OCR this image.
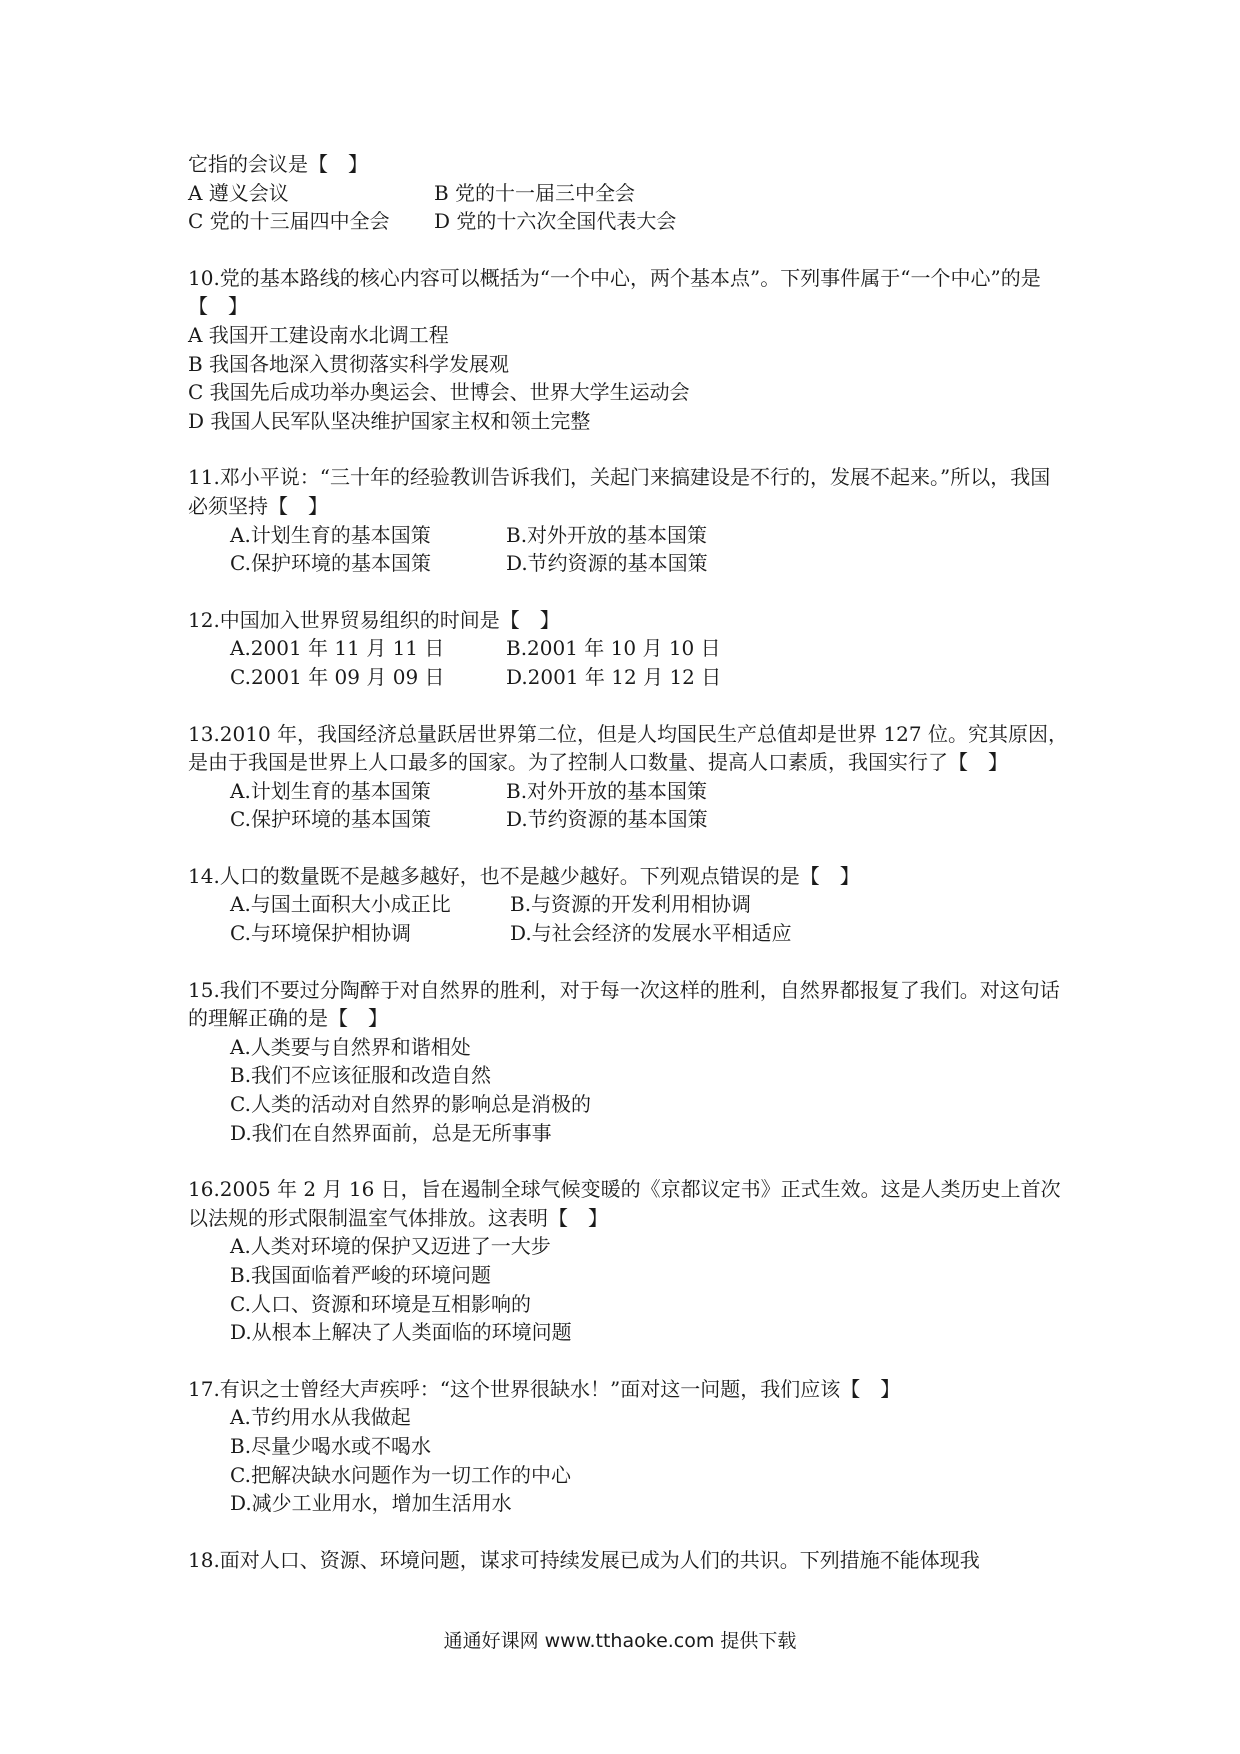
它指的会议是【　】

A 遵义会议	B 党的十一届三中全会

C 党的十三届四中全会	D 党的十六次全国代表大会

10.党的基本路线的核心内容可以概括为“一个中心，两个基本点”。下列事件属于“一个中心”的是【　】

A 我国开工建设南水北调工程

B 我国各地深入贯彻落实科学发展观

C 我国先后成功举办奥运会、世博会、世界大学生运动会

D 我国人民军队坚决维护国家主权和领土完整

11.邓小平说：“三十年的经验教训告诉我们，关起门来搞建设是不行的，发展不起来。”所以，我国必须坚持【　】

A.计划生育的基本国策	B.对外开放的基本国策

C.保护环境的基本国策	D.节约资源的基本国策

12.中国加入世界贸易组织的时间是【　】

A.2001 年 11 月 11 日	B.2001 年 10 月 10 日

C.2001 年 09 月 09 日	D.2001 年 12 月 12 日

13.2010 年，我国经济总量跃居世界第二位，但是人均国民生产总值却是世界 127 位。究其原因，是由于我国是世界上人口最多的国家。为了控制人口数量、提高人口素质，我国实行了【　】

A.计划生育的基本国策	B.对外开放的基本国策

C.保护环境的基本国策	D.节约资源的基本国策

14.人口的数量既不是越多越好，也不是越少越好。下列观点错误的是【　】

A.与国土面积大小成正比	B.与资源的开发利用相协调

C.与环境保护相协调	D.与社会经济的发展水平相适应

15.我们不要过分陶醉于对自然界的胜利，对于每一次这样的胜利，自然界都报复了我们。对这句话的理解正确的是【　】

A.人类要与自然界和谐相处

B.我们不应该征服和改造自然

C.人类的活动对自然界的影响总是消极的

D.我们在自然界面前，总是无所事事

16.2005 年 2 月 16 日，旨在遏制全球气候变暖的《京都议定书》正式生效。这是人类历史上首次以法规的形式限制温室气体排放。这表明【　】

A.人类对环境的保护又迈进了一大步

B.我国面临着严峻的环境问题

C.人口、资源和环境是互相影响的

D.从根本上解决了人类面临的环境问题

17.有识之士曾经大声疾呼：“这个世界很缺水！”面对这一问题，我们应该【　】

A.节约用水从我做起

B.尽量少喝水或不喝水

C.把解决缺水问题作为一切工作的中心

D.减少工业用水，增加生活用水

18.面对人口、资源、环境问题，谋求可持续发展已成为人们的共识。下列措施不能体现我

通通好课网 www.tthaoke.com 提供下载
